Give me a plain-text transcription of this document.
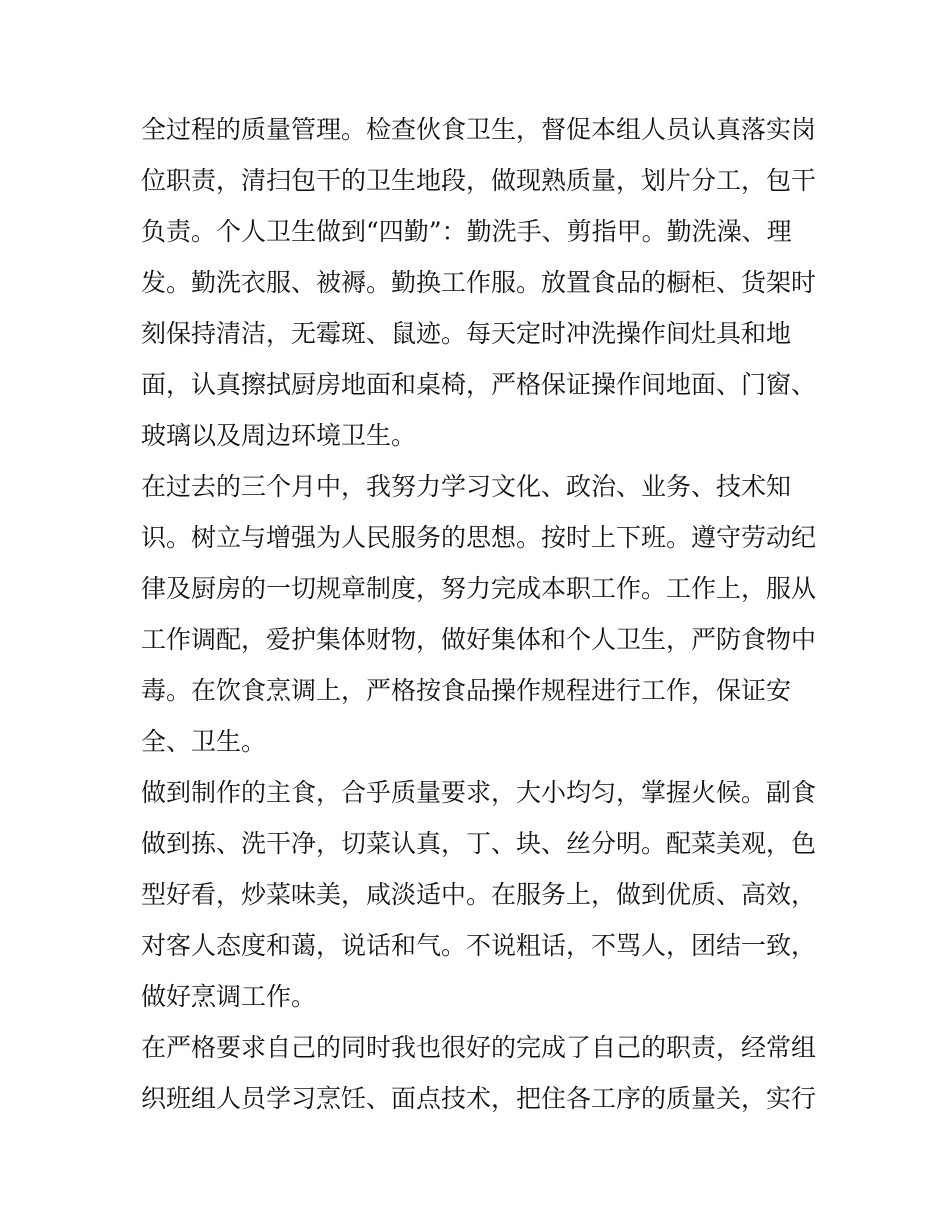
全过程的质量管理。检查伙食卫生，督促本组人员认真落实岗
位职责，清扫包干的卫生地段，做现熟质量，划片分工，包干
负责。个人卫生做到“四勤”：勤洗手、剪指甲。勤洗澡、理
发。勤洗衣服、被褥。勤换工作服。放置食品的橱柜、货架时
刻保持清洁，无霉斑、鼠迹。每天定时冲洗操作间灶具和地
面，认真擦拭厨房地面和桌椅，严格保证操作间地面、门窗、
玻璃以及周边环境卫生。
在过去的三个月中，我努力学习文化、政治、业务、技术知
识。树立与增强为人民服务的思想。按时上下班。遵守劳动纪
律及厨房的一切规章制度，努力完成本职工作。工作上，服从
工作调配，爱护集体财物，做好集体和个人卫生，严防食物中
毒。在饮食烹调上，严格按食品操作规程进行工作，保证安
全、卫生。
做到制作的主食，合乎质量要求，大小均匀，掌握火候。副食
做到拣、洗干净，切菜认真，丁、块、丝分明。配菜美观，色
型好看，炒菜味美，咸淡适中。在服务上，做到优质、高效，
对客人态度和蔼，说话和气。不说粗话，不骂人，团结一致，
做好烹调工作。
在严格要求自己的同时我也很好的完成了自己的职责，经常组
织班组人员学习烹饪、面点技术，把住各工序的质量关，实行
